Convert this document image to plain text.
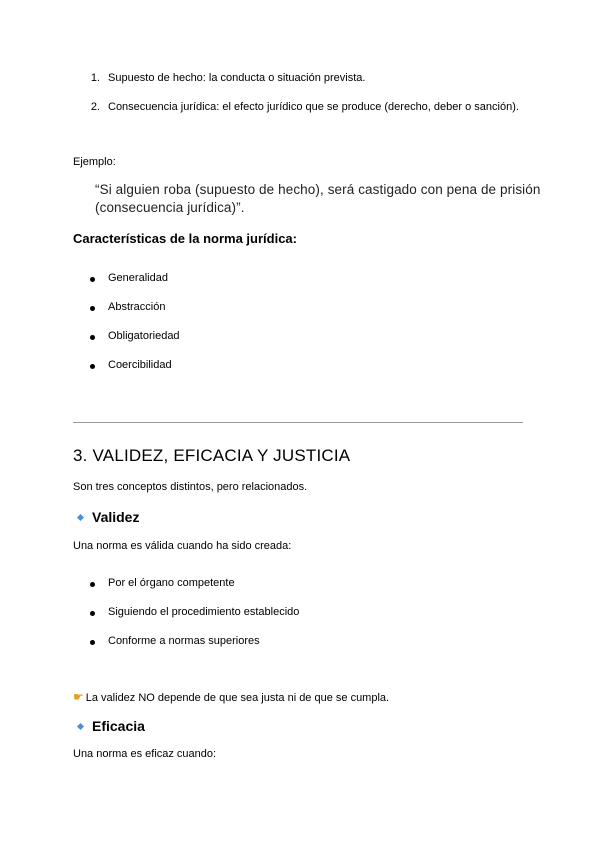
1. Supuesto de hecho: la conducta o situación prevista.
2. Consecuencia jurídica: el efecto jurídico que se produce (derecho, deber o sanción).
Ejemplo:
“Si alguien roba (supuesto de hecho), será castigado con pena de prisión
(consecuencia jurídica)”.
Características de la norma jurídica:
Generalidad
Abstracción
Obligatoriedad
Coercibilidad
3. VALIDEZ, EFICACIA Y JUSTICIA
Son tres conceptos distintos, pero relacionados.
Validez
Una norma es válida cuando ha sido creada:
Por el órgano competente
Siguiendo el procedimiento establecido
Conforme a normas superiores
☛ La validez NO depende de que sea justa ni de que se cumpla.
Eficacia
Una norma es eficaz cuando:
